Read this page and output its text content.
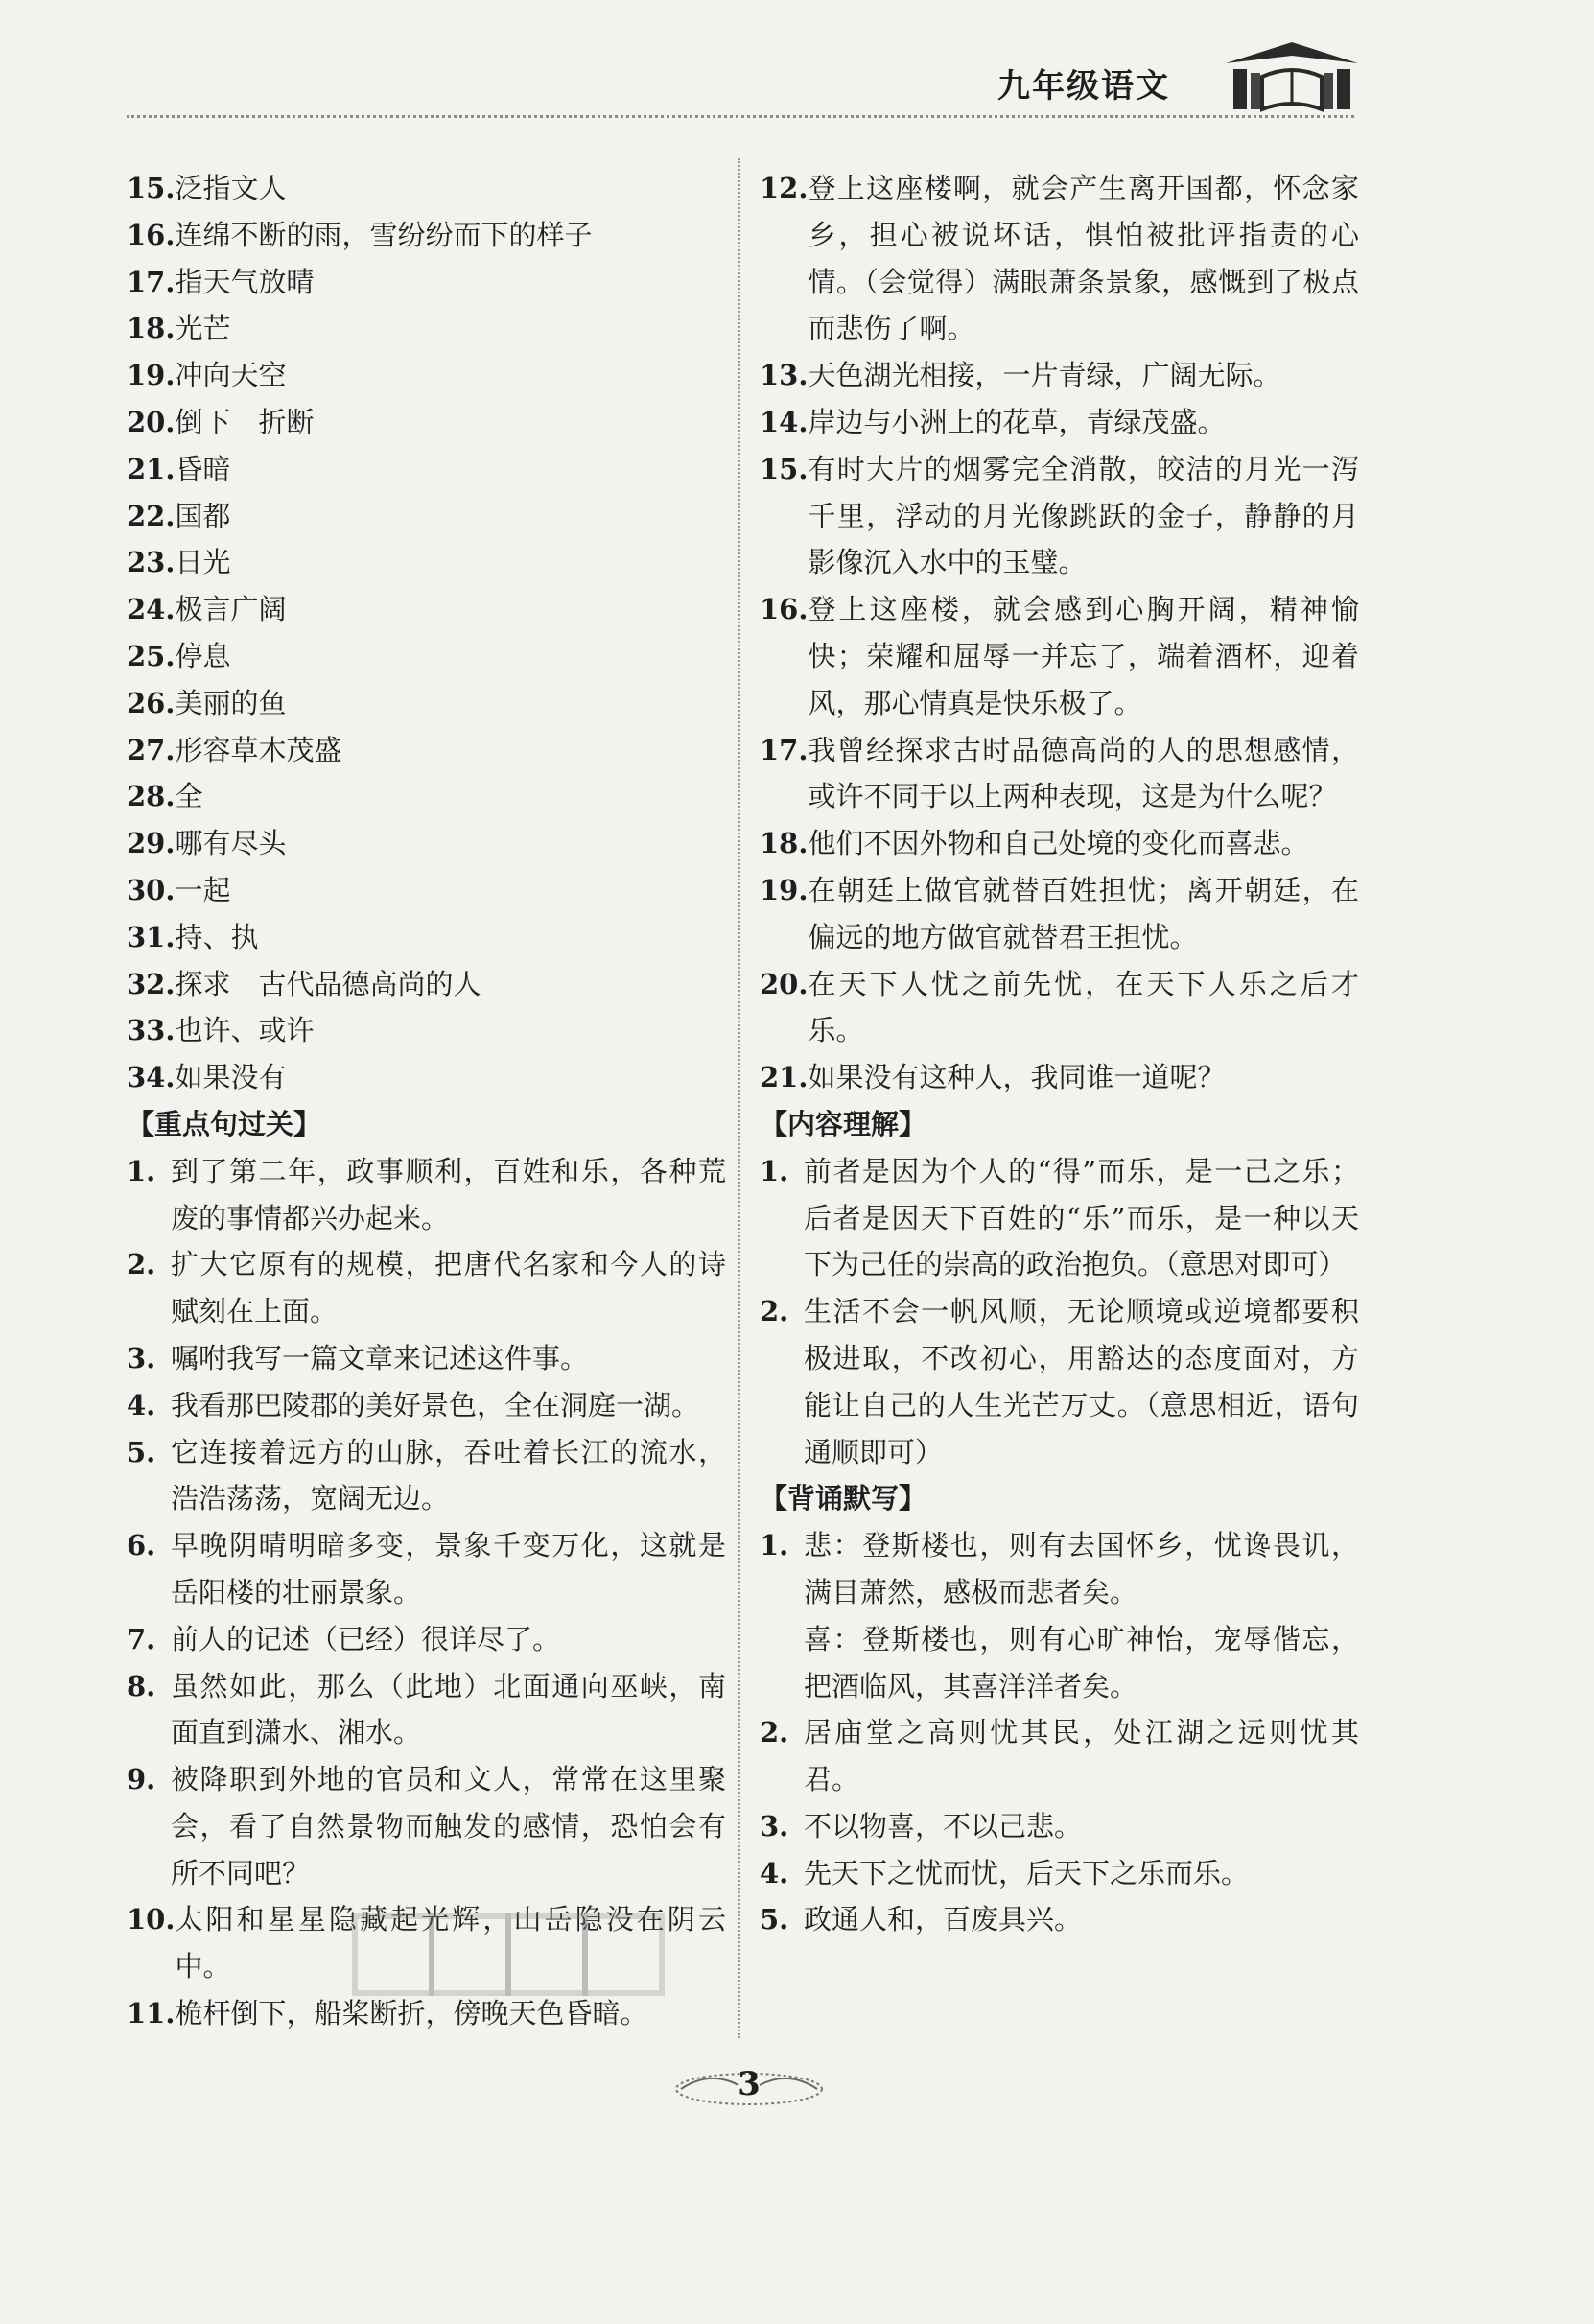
九年级语文
15. 泛指文人
16. 连绵不断的雨，雪纷纷而下的样子
17. 指天气放晴
18. 光芒
19. 冲向天空
20. 倒下　折断
21. 昏暗
22. 国都
23. 日光
24. 极言广阔
25. 停息
26. 美丽的鱼
27. 形容草木茂盛
28. 全
29. 哪有尽头
30. 一起
31. 持、执
32. 探求　古代品德高尚的人
33. 也许、或许
34. 如果没有
【重点句过关】
1. 到了第二年，政事顺利，百姓和乐，各种荒废的事情都兴办起来。
2. 扩大它原有的规模，把唐代名家和今人的诗赋刻在上面。
3. 嘱咐我写一篇文章来记述这件事。
4. 我看那巴陵郡的美好景色，全在洞庭一湖。
5. 它连接着远方的山脉，吞吐着长江的流水，浩浩荡荡，宽阔无边。
6. 早晚阴晴明暗多变，景象千变万化，这就是岳阳楼的壮丽景象。
7. 前人的记述（已经）很详尽了。
8. 虽然如此，那么（此地）北面通向巫峡，南面直到潇水、湘水。
9. 被降职到外地的官员和文人，常常在这里聚会，看了自然景物而触发的感情，恐怕会有所不同吧？
10. 太阳和星星隐藏起光辉，山岳隐没在阴云中。
11. 桅杆倒下，船桨断折，傍晚天色昏暗。
12. 登上这座楼啊，就会产生离开国都，怀念家乡，担心被说坏话，惧怕被批评指责的心情。（会觉得）满眼萧条景象，感慨到了极点而悲伤了啊。
13. 天色湖光相接，一片青绿，广阔无际。
14. 岸边与小洲上的花草，青绿茂盛。
15. 有时大片的烟雾完全消散，皎洁的月光一泻千里，浮动的月光像跳跃的金子，静静的月影像沉入水中的玉璧。
16. 登上这座楼，就会感到心胸开阔，精神愉快；荣耀和屈辱一并忘了，端着酒杯，迎着风，那心情真是快乐极了。
17. 我曾经探求古时品德高尚的人的思想感情，或许不同于以上两种表现，这是为什么呢？
18. 他们不因外物和自己处境的变化而喜悲。
19. 在朝廷上做官就替百姓担忧；离开朝廷，在偏远的地方做官就替君王担忧。
20. 在天下人忧之前先忧，在天下人乐之后才乐。
21. 如果没有这种人，我同谁一道呢？
【内容理解】
1. 前者是因为个人的“得”而乐，是一己之乐；后者是因天下百姓的“乐”而乐，是一种以天下为己任的崇高的政治抱负。（意思对即可）
2. 生活不会一帆风顺，无论顺境或逆境都要积极进取，不改初心，用豁达的态度面对，方能让自己的人生光芒万丈。（意思相近，语句通顺即可）
【背诵默写】
1. 悲：登斯楼也，则有去国怀乡，忧谗畏讥，满目萧然，感极而悲者矣。
喜：登斯楼也，则有心旷神怡，宠辱偕忘，把酒临风，其喜洋洋者矣。
2. 居庙堂之高则忧其民，处江湖之远则忧其君。
3. 不以物喜，不以己悲。
4. 先天下之忧而忧，后天下之乐而乐。
5. 政通人和，百废具兴。
3
